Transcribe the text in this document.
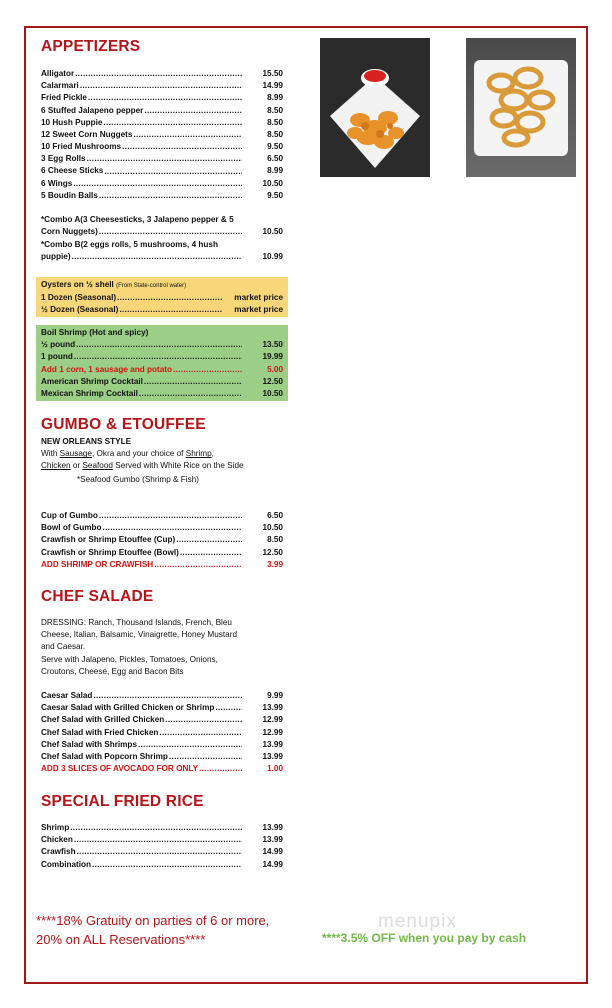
APPETIZERS
Alligator .....	15.50
Calarmari .....	14.99
Fried Pickle .....	8.99
6 Stuffed Jalapeno pepper .....	8.50
10 Hush Puppie .....	8.50
12 Sweet Corn Nuggets .....	8.50
10 Fried Mushrooms .....	9.50
3 Egg Rolls .....	6.50
6 Cheese Sticks .....	8.99
6 Wings .....	10.50
5 Boudin Balls .....	9.50
*Combo A(3 Cheesesticks, 3 Jalapeno pepper & 5
Corn Nuggets) .....	10.50
*Combo B(2 eggs rolls, 5 mushrooms, 4 hush
puppie) .....	10.99
Oysters on ½ shell (From State-control water)
1 Dozen (Seasonal) .....	market price
½ Dozen (Seasonal) .....	market price
Boil Shrimp (Hot and spicy)
½ pound .....	13.50
1 pound .....	19.99
Add 1 corn, 1 sausage and potato .....	5.00
American Shrimp Cocktail .....	12.50
Mexican Shrimp Cocktail .....	10.50
GUMBO & ETOUFFEE
NEW ORLEANS STYLE
With Sausage, Okra and your choice of Shrimp,
Chicken or Seafood Served with White Rice on the Side
*Seafood Gumbo (Shrimp & Fish)
Cup of Gumbo .....	6.50
Bowl of Gumbo .....	10.50
Crawfish or Shrimp Etouffee (Cup) .....	8.50
Crawfish or Shrimp Etouffee (Bowl) .....	12.50
ADD SHRIMP OR CRAWFISH .....	3.99
CHEF SALADE
DRESSING: Ranch, Thousand Islands, French, Bleu Cheese, Italian, Balsamic, Vinaigrette, Honey Mustard and Caesar.
Serve with Jalapeno, Pickles, Tomatoes, Onions, Croutons, Cheese, Egg and Bacon Bits
Caesar Salad .....	9.99
Caesar Salad with Grilled Chicken or Shrimp .....	13.99
Chef Salad with Grilled Chicken .....	12.99
Chef Salad with Fried Chicken .....	12.99
Chef Salad with Shrimps .....	13.99
Chef Salad with Popcorn Shrimp .....	13.99
ADD 3 SLICES OF AVOCADO FOR ONLY .....	1.00
SPECIAL FRIED RICE
Shrimp .....	13.99
Chicken .....	13.99
Crawfish .....	14.99
Combination .....	14.99
****18% Gratuity on parties of 6 or more, 20% on ALL Reservations****
menupix
****3.5% OFF when you pay by cash
